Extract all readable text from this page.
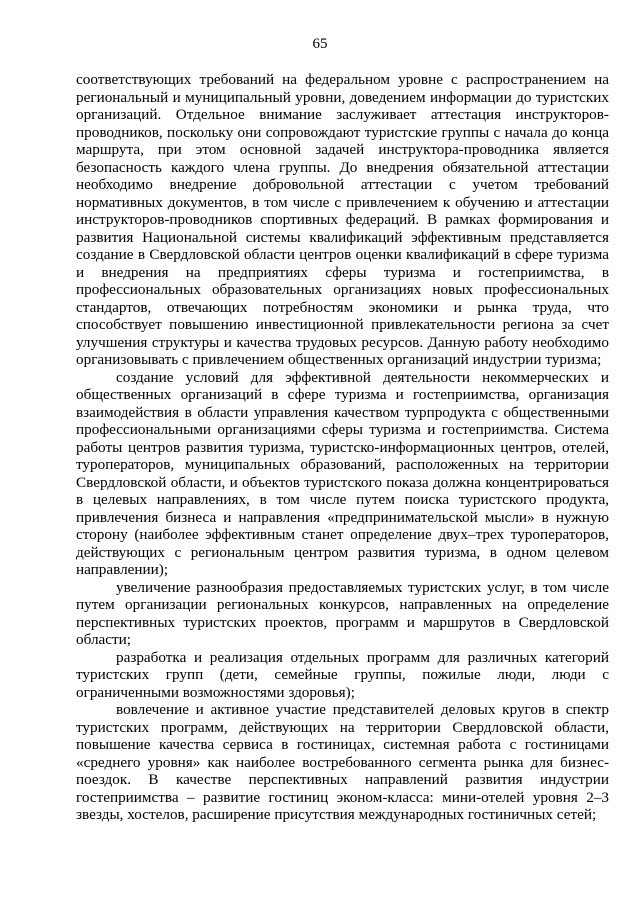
65

соответствующих требований на федеральном уровне с распространением на региональный и муниципальный уровни, доведением информации до туристских организаций. Отдельное внимание заслуживает аттестация инструкторов-проводников, поскольку они сопровождают туристские группы с начала до конца маршрута, при этом основной задачей инструктора-проводника является безопасность каждого члена группы. До внедрения обязательной аттестации необходимо внедрение добровольной аттестации с учетом требований нормативных документов, в том числе с привлечением к обучению и аттестации инструкторов-проводников спортивных федераций. В рамках формирования и развития Национальной системы квалификаций эффективным представляется создание в Свердловской области центров оценки квалификаций в сфере туризма и внедрения на предприятиях сферы туризма и гостеприимства, в профессиональных образовательных организациях новых профессиональных стандартов, отвечающих потребностям экономики и рынка труда, что способствует повышению инвестиционной привлекательности региона за счет улучшения структуры и качества трудовых ресурсов. Данную работу необходимо организовывать с привлечением общественных организаций индустрии туризма;

создание условий для эффективной деятельности некоммерческих и общественных организаций в сфере туризма и гостеприимства, организация взаимодействия в области управления качеством турпродукта с общественными профессиональными организациями сферы туризма и гостеприимства. Система работы центров развития туризма, туристско-информационных центров, отелей, туроператоров, муниципальных образований, расположенных на территории Свердловской области, и объектов туристского показа должна концентрироваться в целевых направлениях, в том числе путем поиска туристского продукта, привлечения бизнеса и направления «предпринимательской мысли» в нужную сторону (наиболее эффективным станет определение двух–трех туроператоров, действующих с региональным центром развития туризма, в одном целевом направлении);

увеличение разнообразия предоставляемых туристских услуг, в том числе путем организации региональных конкурсов, направленных на определение перспективных туристских проектов, программ и маршрутов в Свердловской области;

разработка и реализация отдельных программ для различных категорий туристских групп (дети, семейные группы, пожилые люди, люди с ограниченными возможностями здоровья);

вовлечение и активное участие представителей деловых кругов в спектр туристских программ, действующих на территории Свердловской области, повышение качества сервиса в гостиницах, системная работа с гостиницами «среднего уровня» как наиболее востребованного сегмента рынка для бизнес-поездок. В качестве перспективных направлений развития индустрии гостеприимства – развитие гостиниц эконом-класса: мини-отелей уровня 2–3 звезды, хостелов, расширение присутствия международных гостиничных сетей;
